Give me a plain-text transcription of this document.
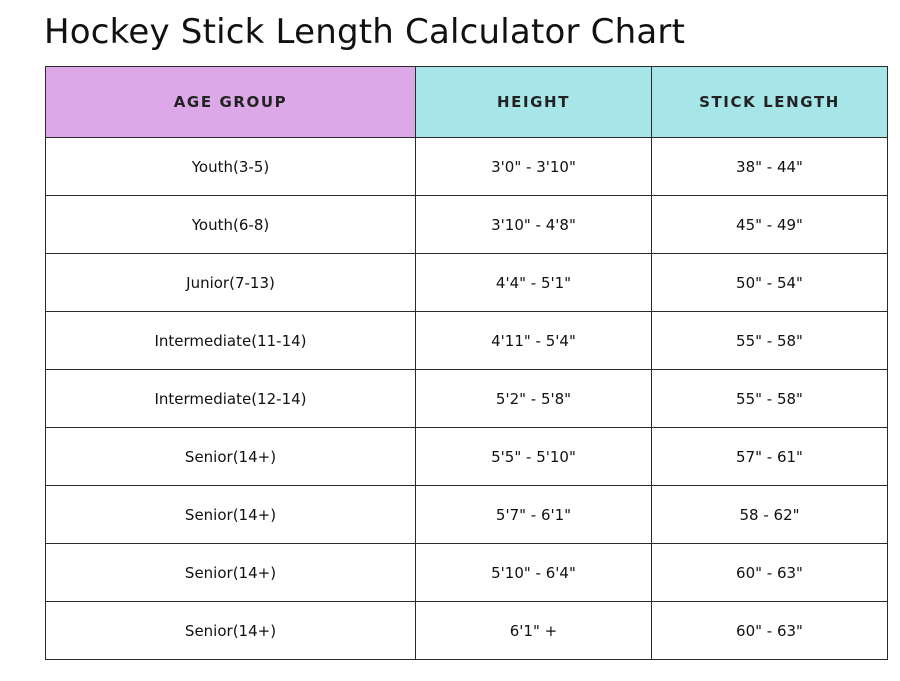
Hockey Stick Length Calculator Chart
AGE GROUP	HEIGHT	STICK LENGTH
Youth(3-5)	3'0" - 3'10"	38" - 44"
Youth(6-8)	3'10" - 4'8"	45" - 49"
Junior(7-13)	4'4" - 5'1"	50" - 54"
Intermediate(11-14)	4'11" - 5'4"	55" - 58"
Intermediate(12-14)	5'2" - 5'8"	55" - 58"
Senior(14+)	5'5" - 5'10"	57" - 61"
Senior(14+)	5'7" - 6'1"	58 - 62"
Senior(14+)	5'10" - 6'4"	60" - 63"
Senior(14+)	6'1" +	60" - 63"
